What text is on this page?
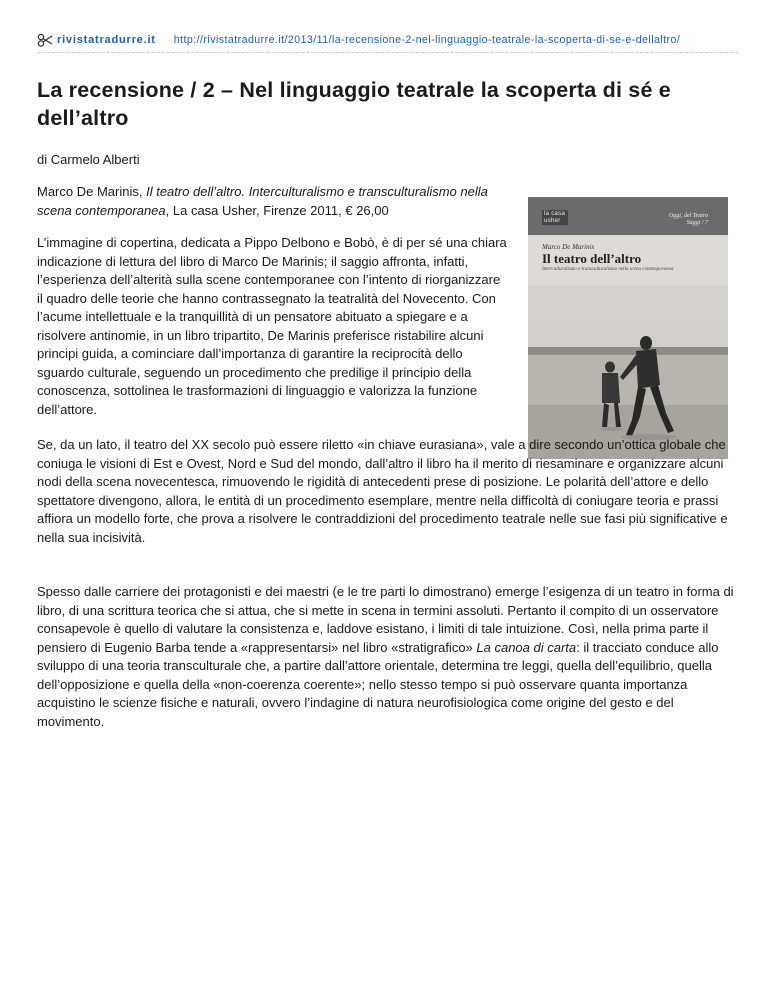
rivistatradurre.it http://rivistatradurre.it/2013/11/la-recensione-2-nel-linguaggio-teatrale-la-scoperta-di-se-e-dellaltro/
La recensione / 2 – Nel linguaggio teatrale la scoperta di sé e dell’altro
di Carmelo Alberti

Marco De Marinis, Il teatro dell’altro. Interculturalismo e transculturalismo nella scena contemporanea, La casa Usher, Firenze 2011, € 26,00	la casa usher
Oggi, del Teatro
Saggi / 7
Marco De Marinis
Il teatro dell’altro
Interculturalismo e transculturalismo nella scena contemporanea

L’immagine di copertina, dedicata a Pippo Delbono e Bobò, è di per sé una chiara indicazione di lettura del libro di Marco De Marinis; il saggio affronta, infatti, l’esperienza dell’alterità sulla scene contemporanee con l’intento di riorganizzare il quadro delle teorie che hanno contrassegnato la teatralità del Novecento. Con l’acume intellettuale e la tranquillità di un pensatore abituato a spiegare e a risolvere antinomie, in un libro tripartito, De Marinis preferisce ristabilire alcuni principi guida, a cominciare dall’importanza di garantire la reciprocità dello sguardo culturale, seguendo un procedimento che predilige il principio della conoscenza, sottolinea le trasformazioni di linguaggio e valorizza la funzione dell’attore.

Se, da un lato, il teatro del XX secolo può essere riletto «in chiave eurasiana», vale a dire secondo un’ottica globale che coniuga le visioni di Est e Ovest, Nord e Sud del mondo, dall’altro il libro ha il merito di riesaminare e organizzare alcuni nodi della scena novecentesca, rimuovendo le rigidità di antecedenti prese di posizione. Le polarità dell’attore e dello spettatore divengono, allora, le entità di un procedimento esemplare, mentre nella difficoltà di coniugare teoria e prassi affiora un modello forte, che prova a risolvere le contraddizioni del procedimento teatrale nelle sue fasi più significative e nella sua incisività.

Spesso dalle carriere dei protagonisti e dei maestri (e le tre parti lo dimostrano) emerge l’esigenza di un teatro in forma di libro, di una scrittura teorica che si attua, che si mette in scena in termini assoluti. Pertanto il compito di un osservatore consapevole è quello di valutare la consistenza e, laddove esistano, i limiti di tale intuizione. Così, nella prima parte il pensiero di Eugenio Barba tende a «rappresentarsi» nel libro «stratigrafico» La canoa di carta: il tracciato conduce allo sviluppo di una teoria transculturale che, a partire dall’attore orientale, determina tre leggi, quella dell’equilibrio, quella dell’opposizione e quella della «non-coerenza coerente»; nello stesso tempo si può osservare quanta importanza acquistino le scienze fisiche e naturali, ovvero l’indagine di natura neurofisiologica come origine del gesto e del movimento.
